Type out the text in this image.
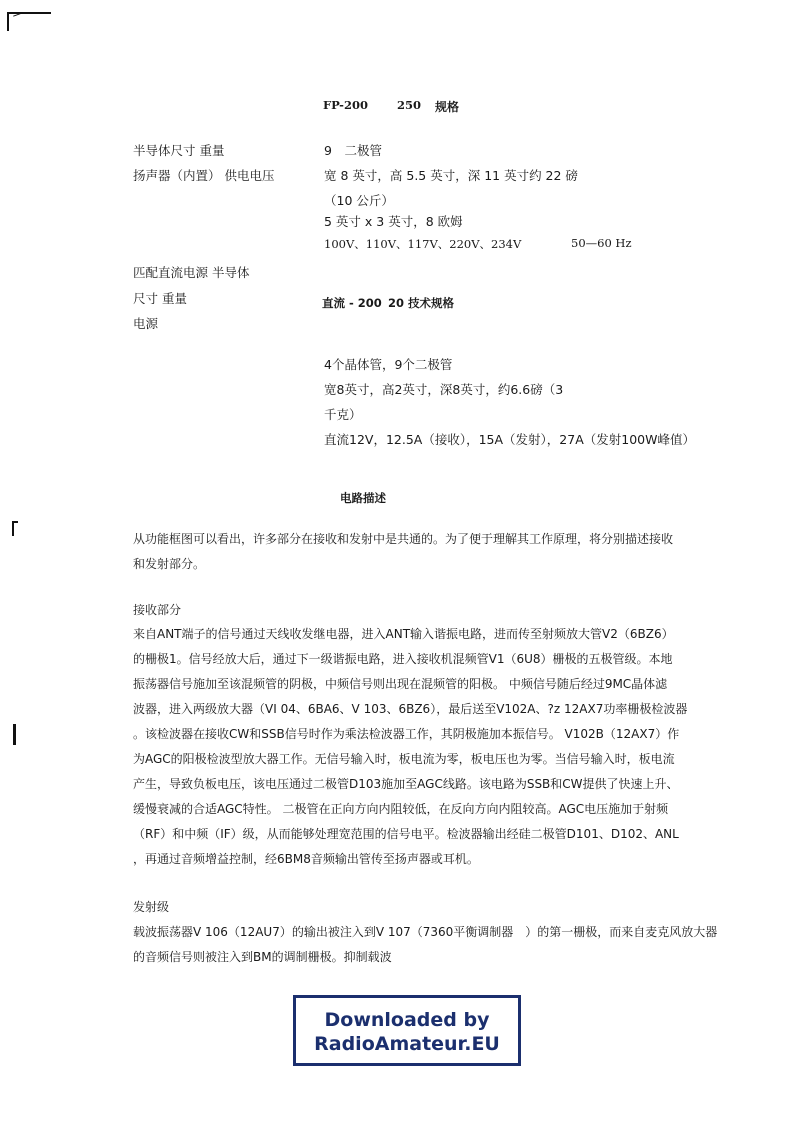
FP-200	250 规格
半导体尺寸 重量
扬声器（内置） 供电电压
匹配直流电源 半导体
尺寸 重量
电源
9　二极管
宽 8 英寸，高 5.5 英寸，深 11 英寸约 22 磅
（10 公斤）
5 英寸 x 3 英寸，8 欧姆
100V、110V、117V、220V、234V	50—60 Hz
直流 - 200 20 技术规格
4个晶体管，9个二极管
宽8英寸，高2英寸，深8英寸，约6.6磅（3
千克）
直流12V，12.5A（接收），15A（发射），27A（发射100W峰值）
电路描述
从功能框图可以看出，许多部分在接收和发射中是共通的。为了便于理解其工作原理，将分别描述接收
和发射部分。
接收部分
来自ANT端子的信号通过天线收发继电器，进入ANT输入谐振电路，进而传至射频放大管V2（6BZ6）
的栅极1。信号经放大后，通过下一级谐振电路，进入接收机混频管V1（6U8）栅极的五极管级。本地
振荡器信号施加至该混频管的阴极，中频信号则出现在混频管的阳极。 中频信号随后经过9MC晶体滤
波器，进入两级放大器（VI 04、6BA6、V 103、6BZ6），最后送至V102A、?z 12AX7功率栅极检波器
。该检波器在接收CW和SSB信号时作为乘法检波器工作，其阴极施加本振信号。 V102B（12AX7）作
为AGC的阳极检波型放大器工作。无信号输入时，板电流为零，板电压也为零。当信号输入时，板电流
产生，导致负板电压，该电压通过二极管D103施加至AGC线路。该电路为SSB和CW提供了快速上升、
缓慢衰减的合适AGC特性。 二极管在正向方向内阻较低，在反向方向内阻较高。AGC电压施加于射频
（RF）和中频（IF）级，从而能够处理宽范围的信号电平。检波器输出经硅二极管D101、D102、ANL
，再通过音频增益控制，经6BM8音频输出管传至扬声器或耳机。
发射级
载波振荡器V 106（12AU7）的输出被注入到V 107（7360平衡调制器　）的第一栅极，而来自麦克风放大器
的音频信号则被注入到BM的调制栅极。抑制载波
Downloaded by
RadioAmateur.EU
